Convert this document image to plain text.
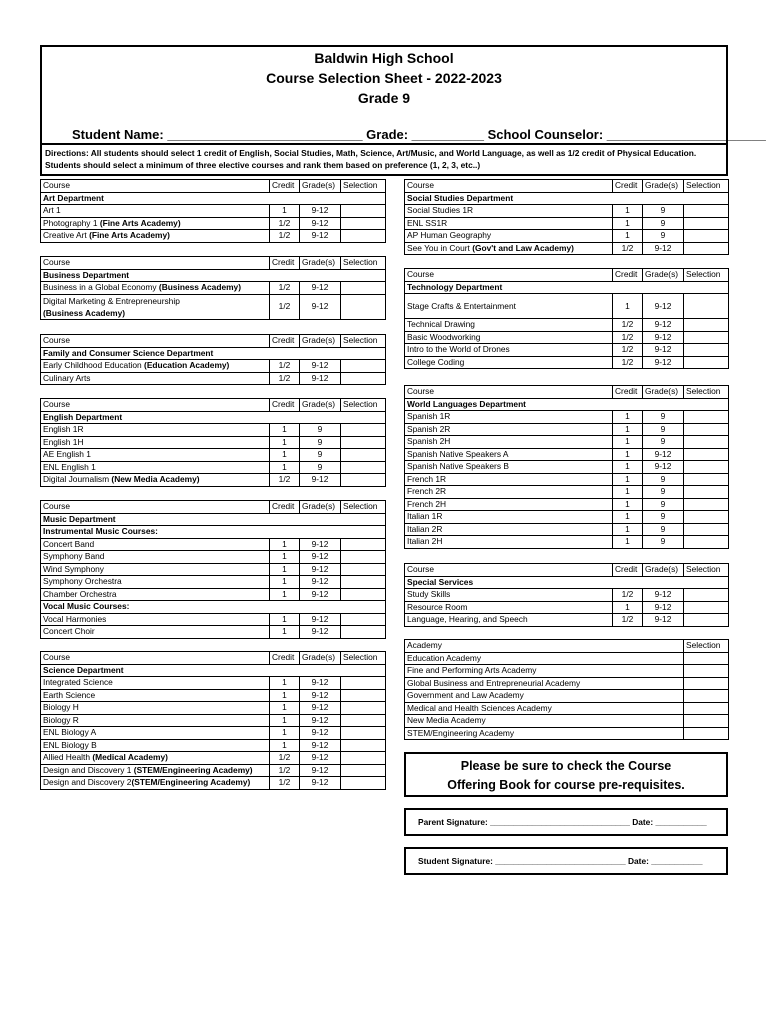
Baldwin High School
Course Selection Sheet - 2022-2023
Grade 9
Student Name: ___________________________ Grade: __________ School Counselor: ______________________
Directions: All students should select 1 credit of English, Social Studies, Math, Science, Art/Music, and World Language, as well as 1/2 credit of Physical Education.
Students should select a minimum of three elective courses and rank them based on preference (1, 2, 3, etc..)
Course	Credit	Grade(s)	Selection
Art Department			
Art 1	1	9-12	
Photography 1 (Fine Arts Academy)	1/2	9-12	
Creative Art (Fine Arts Academy)	1/2	9-12	
Course	Credit	Grade(s)	Selection
Business Department			
Business in a Global Economy (Business Academy)	1/2	9-12	
Digital Marketing & Entrepreneurship
(Business Academy)	1/2	9-12	
Course	Credit	Grade(s)	Selection
Family and Consumer Science Department			
Early Childhood Education (Education Academy)	1/2	9-12	
Culinary Arts	1/2	9-12	
Course	Credit	Grade(s)	Selection
English Department			
English 1R	1	9	
English 1H	1	9	
AE English 1	1	9	
ENL English 1	1	9	
Digital Journalism (New Media Academy)	1/2	9-12	
Course	Credit	Grade(s)	Selection
Music Department			
Instrumental Music Courses:			
Concert Band	1	9-12	
Symphony Band	1	9-12	
Wind Symphony	1	9-12	
Symphony Orchestra	1	9-12	
Chamber Orchestra	1	9-12	
Vocal Music Courses:			
Vocal Harmonies	1	9-12	
Concert Choir	1	9-12	
Course	Credit	Grade(s)	Selection
Science Department			
Integrated Science	1	9-12	
Earth Science	1	9-12	
Biology H	1	9-12	
Biology R	1	9-12	
ENL Biology A	1	9-12	
ENL Biology B	1	9-12	
Allied Health (Medical Academy)	1/2	9-12	
Design and Discovery 1 (STEM/Engineering Academy)	1/2	9-12	
Design and Discovery 2(STEM/Engineering Academy)	1/2	9-12	
Course	Credit	Grade(s)	Selection
Social Studies Department			
Social Studies 1R	1	9	
ENL SS1R	1	9	
AP Human Geography	1	9	
See You in Court (Gov't and Law Academy)	1/2	9-12	
Course	Credit	Grade(s)	Selection
Technology Department			
Stage Crafts & Entertainment	1	9-12	
Technical Drawing	1/2	9-12	
Basic Woodworking	1/2	9-12	
Intro to the World of Drones	1/2	9-12	
College Coding	1/2	9-12	
Course	Credit	Grade(s)	Selection
World Languages Department			
Spanish 1R	1	9	
Spanish 2R	1	9	
Spanish 2H	1	9	
Spanish Native Speakers A	1	9-12	
Spanish Native Speakers B	1	9-12	
French 1R	1	9	
French 2R	1	9	
French 2H	1	9	
Italian 1R	1	9	
Italian 2R	1	9	
Italian 2H	1	9	
Course	Credit	Grade(s)	Selection
Special Services			
Study Skills	1/2	9-12	
Resource Room	1	9-12	
Language, Hearing, and Speech	1/2	9-12	
Academy	Selection
Education Academy	
Fine and Performing Arts Academy	
Global Business and Entrepreneurial Academy	
Government and Law Academy	
Medical and Health Sciences Academy	
New Media Academy	
STEM/Engineering Academy	
Please be sure to check the Course
Offering Book for course pre-requisites.
Parent Signature: ______________________________ Date: ___________
Student Signature: ____________________________ Date: ___________
